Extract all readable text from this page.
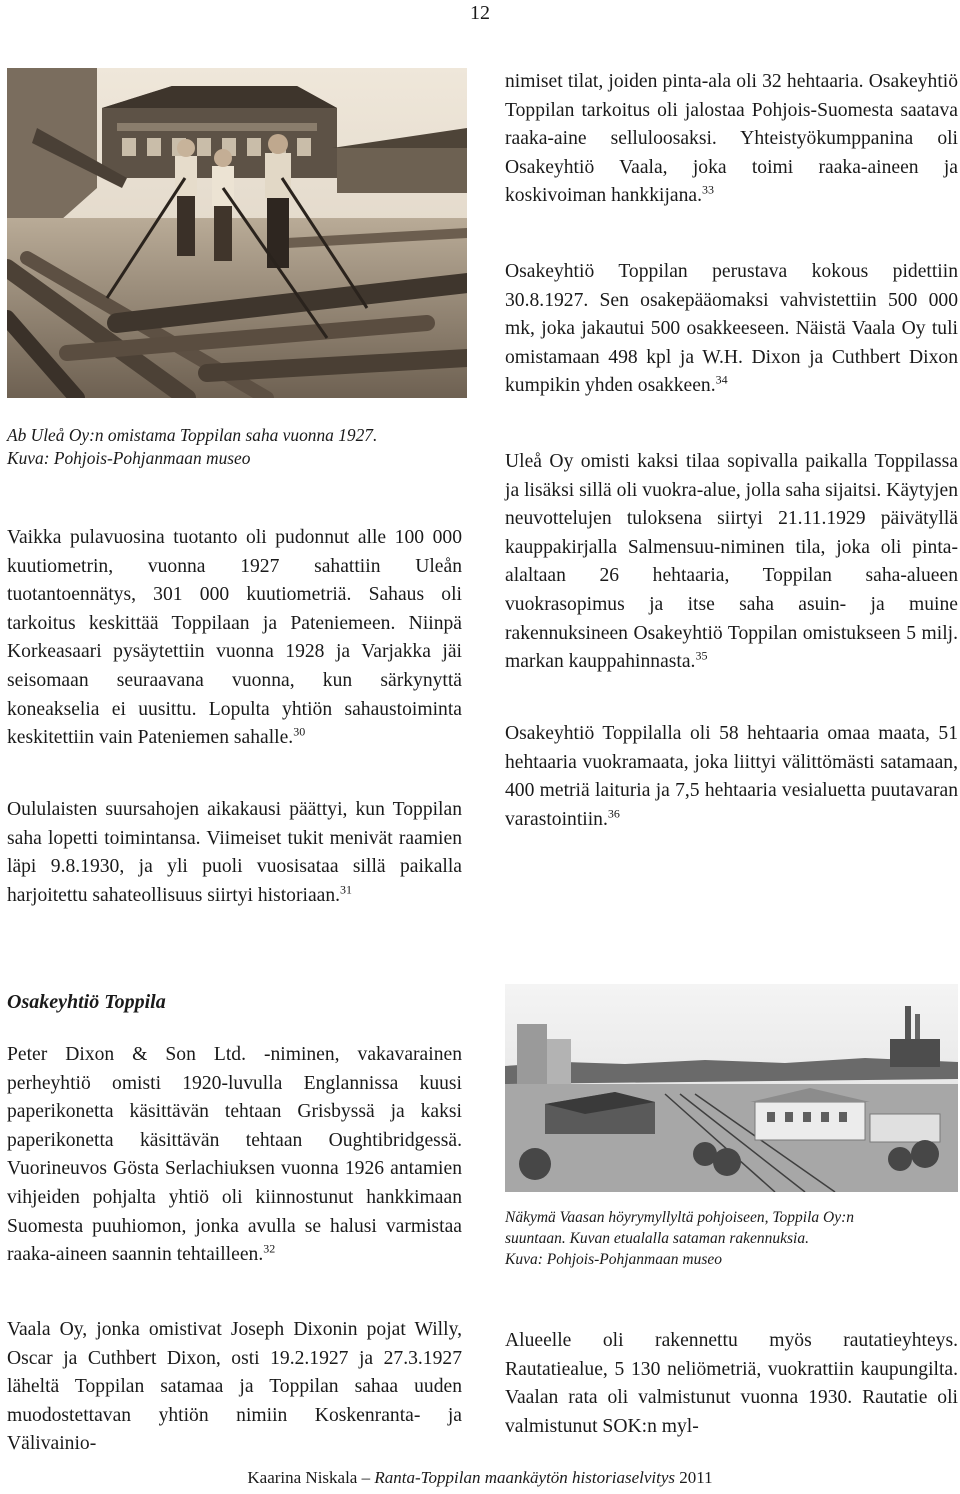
12
Ab Uleå Oy:n omistama Toppilan saha vuonna 1927.
Kuva: Pohjois-Pohjanmaan museo

Vaikka pulavuosina tuotanto oli pudonnut alle 100 000 kuutiometrin, vuonna 1927 sahattiin Uleån tuotantoennätys, 301 000 kuutiometriä. Sahaus oli tarkoitus keskittää Toppilaan ja Pateniemeen. Niinpä Korkeasaari pysäytettiin vuonna 1928 ja Varjakka jäi seisomaan seuraavana vuonna, kun särkynyttä koneakselia ei uusittu. Lopulta yhtiön sahaustoiminta keskitettiin vain Pateniemen sahalle.$^{30}$

Oululaisten suursahojen aikakausi päättyi, kun Toppilan saha lopetti toimintansa. Viimeiset tukit menivät raamien läpi 9.8.1930, ja yli puoli vuosisataa sillä paikalla harjoitettu sahateollisuus siirtyi historiaan.$^{31}$

Osakeyhtiö Toppila

Peter Dixon & Son Ltd. -niminen, vakavarainen perheyhtiö omisti 1920-luvulla Englannissa kuusi paperikonetta käsittävän tehtaan Grisbyssä ja kaksi paperikonetta käsittävän tehtaan Oughtibridgessä. Vuorineuvos Gösta Serlachiuksen vuonna 1926 antamien vihjeiden pohjalta yhtiö oli kiinnostunut hankkimaan Suomesta puuhiomon, jonka avulla se halusi varmistaa raaka-aineen saannin tehtailleen.$^{32}$

Vaala Oy, jonka omistivat Joseph Dixonin pojat Willy, Oscar ja Cuthbert Dixon, osti 19.2.1927 ja 27.3.1927 läheltä Toppilan satamaa ja Toppilan sahaa uuden muodostettavan yhtiön nimiin Koskenranta- ja Välivainio-

nimiset tilat, joiden pinta-ala oli 32 hehtaaria. Osakeyhtiö Toppilan tarkoitus oli jalostaa Pohjois-Suomesta saatava raaka-aine selluloosaksi. Yhteistyökumppanina oli Osakeyhtiö Vaala, joka toimi raaka-aineen ja koskivoiman hankkijana.$^{33}$

Osakeyhtiö Toppilan perustava kokous pidettiin 30.8.1927. Sen osakepääomaksi vahvistettiin 500 000 mk, joka jakautui 500 osakkeeseen. Näistä Vaala Oy tuli omistamaan 498 kpl ja W.H. Dixon ja Cuthbert Dixon kumpikin yhden osakkeen.$^{34}$

Uleå Oy omisti kaksi tilaa sopivalla paikalla Toppilassa ja lisäksi sillä oli vuokra-alue, jolla saha sijaitsi. Käytyjen neuvottelujen tuloksena siirtyi 21.11.1929 päivätyllä kauppakirjalla Salmensuu-niminen tila, joka oli pinta-alaltaan 26 hehtaaria, Toppilan saha-alueen vuokrasopimus ja itse saha asuin- ja muine rakennuksineen Osakeyhtiö Toppilan omistukseen 5 milj. markan kauppahinnasta.$^{35}$

Osakeyhtiö Toppilalla oli 58 hehtaaria omaa maata, 51 hehtaaria vuokramaata, joka liittyi välittömästi satamaan, 400 metriä laituria ja 7,5 hehtaaria vesialuetta puutavaran varastointiin.$^{36}$

Näkymä Vaasan höyrymyllyltä pohjoiseen, Toppila Oy:n
suuntaan. Kuvan etualalla sataman rakennuksia.
Kuva: Pohjois-Pohjanmaan museo

Alueelle oli rakennettu myös rautatieyhteys. Rautatiealue, 5 130 neliömetriä, vuokrattiin kaupungilta. Vaalan rata oli valmistunut vuonna 1930. Rautatie oli valmistunut SOK:n myl-

Kaarina Niskala – Ranta-Toppilan maankäytön historiaselvitys 2011
